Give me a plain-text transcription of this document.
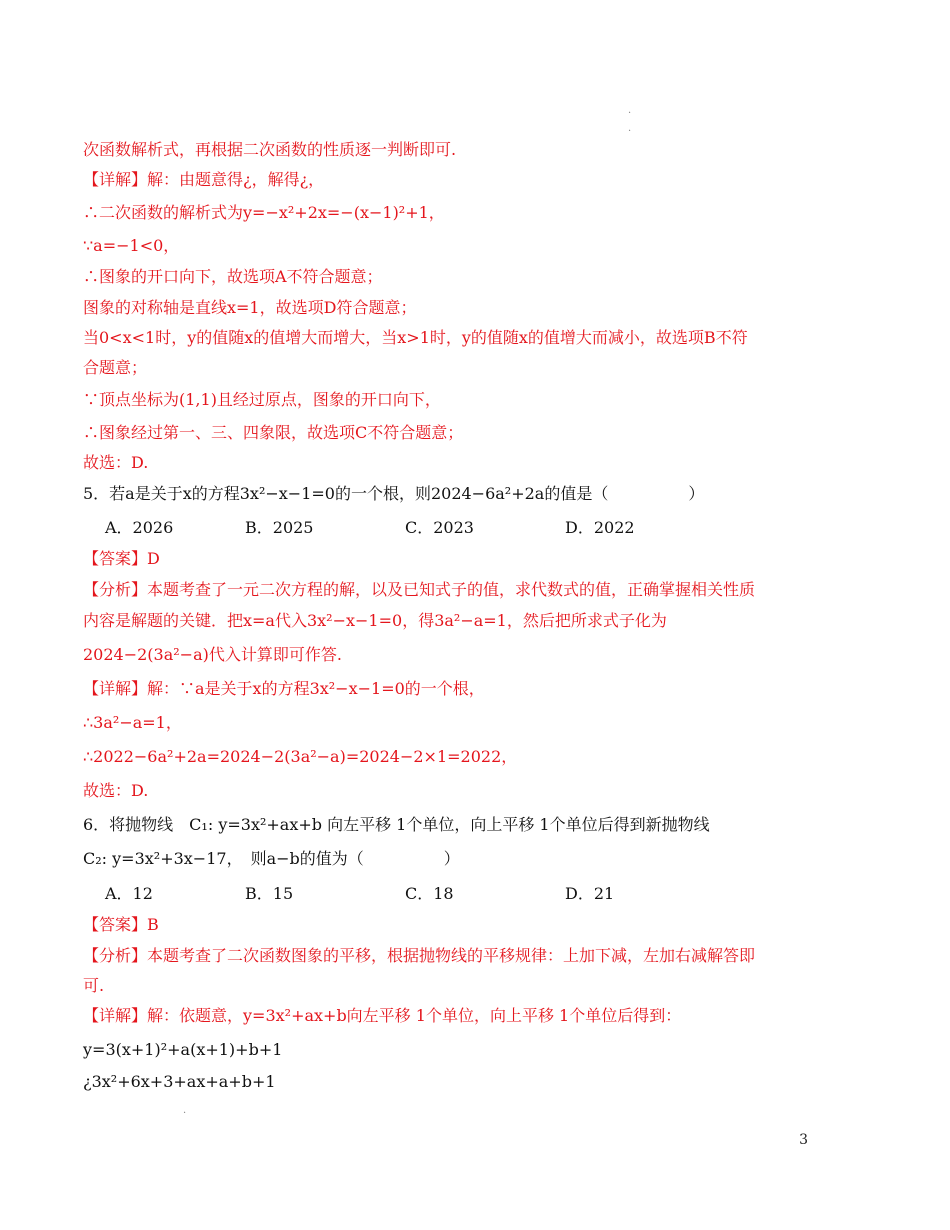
·
·
·
次函数解析式，再根据二次函数的性质逐一判断即可.
【详解】解：由题意得¿，解得¿，
∴二次函数的解析式为y=−x²+2x=−(x−1)²+1，
∵a=−1<0，
∴图象的开口向下，故选项A不符合题意；
图象的对称轴是直线x=1，故选项D符合题意；
当0<x<1时，y的值随x的值增大而增大，当x>1时，y的值随x的值增大而减小，故选项B不符
合题意；
∵顶点坐标为(1,1)且经过原点，图象的开口向下，
∴图象经过第一、三、四象限，故选项C不符合题意；
故选：D.
5．若a是关于x的方程3x²−x−1=0的一个根，则2024−6a²+2a的值是（　　　　　）
A．2026	B．2025	C．2023	D．2022
【答案】D
【分析】本题考查了一元二次方程的解，以及已知式子的值，求代数式的值，正确掌握相关性质
内容是解题的关键．把x=a代入3x²−x−1=0，得3a²−a=1，然后把所求式子化为
2024−2(3a²−a)代入计算即可作答.
【详解】解：∵a是关于x的方程3x²−x−1=0的一个根，
∴3a²−a=1，
∴2022−6a²+2a=2024−2(3a²−a)=2024−2×1=2022，
故选：D.
6．将抛物线　C₁: y=3x²+ax+b 向左平移 1个单位，向上平移 1个单位后得到新抛物线
C₂: y=3x²+3x−17，　则a−b的值为（　　　　　）
A．12	B．15	C．18	D．21
【答案】B
【分析】本题考查了二次函数图象的平移，根据抛物线的平移规律：上加下减，左加右减解答即
可.
【详解】解：依题意，y=3x²+ax+b向左平移 1个单位，向上平移 1个单位后得到：
y=3(x+1)²+a(x+1)+b+1
¿3x²+6x+3+ax+a+b+1
3
